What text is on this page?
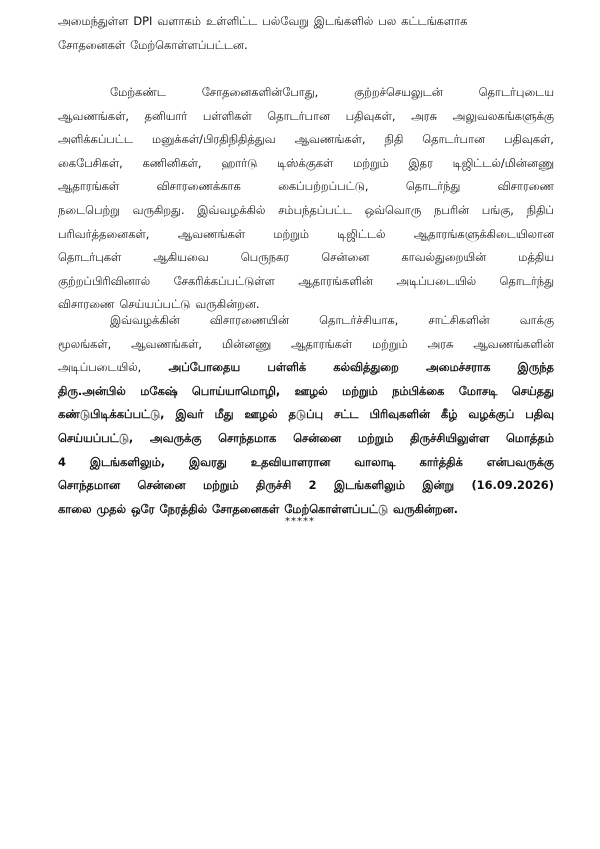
அமைந்துள்ள DPI வளாகம் உள்ளிட்ட பல்வேறு இடங்களில் பல கட்டங்களாக
சோதனைகள் மேற்கொள்ளப்பட்டன.
மேற்கண்ட	சோதனைகளின்போது,	குற்றச்செயலுடன்	தொடர்புடைய
ஆவணங்கள், தனியார் பள்ளிகள் தொடர்பான பதிவுகள், அரசு அலுவலகங்களுக்கு
அளிக்கப்பட்ட மனுக்கள்/பிரதிநிதித்துவ ஆவணங்கள், நிதி தொடர்பான பதிவுகள்,
கைபேசிகள், கணினிகள், ஹார்டு டிஸ்க்குகள் மற்றும் இதர டிஜிட்டல்/மின்னணு
ஆதாரங்கள்	விசாரணைக்காக	கைப்பற்றப்பட்டு,	தொடர்ந்து	விசாரணை
நடைபெற்று வருகிறது. இவ்வழக்கில் சம்பந்தப்பட்ட ஒவ்வொரு நபரின் பங்கு, நிதிப்
பரிவர்த்தனைகள், ஆவணங்கள் மற்றும் டிஜிட்டல் ஆதாரங்களுக்கிடையிலான
தொடர்புகள்	ஆகியவை	பெருநகர	சென்னை	காவல்துறையின்	மத்திய
குற்றப்பிரிவினால் சேகரிக்கப்பட்டுள்ள ஆதாரங்களின் அடிப்படையில் தொடர்ந்து
விசாரணை செய்யப்பட்டு வருகின்றன.
இவ்வழக்கின்	விசாரணையின்	தொடர்ச்சியாக,	சாட்சிகளின்	வாக்கு
மூலங்கள், ஆவணங்கள், மின்னணு ஆதாரங்கள் மற்றும் அரசு ஆவணங்களின்
அடிப்படையில், அப்போதைய பள்ளிக் கல்வித்துறை அமைச்சராக இருந்த
திரு.அன்பில் மகேஷ் பொய்யாமொழி, ஊழல் மற்றும் நம்பிக்கை மோசடி செய்தது
கண்டுபிடிக்கப்பட்டு, இவர் மீது ஊழல் தடுப்பு சட்ட பிரிவுகளின் கீழ் வழக்குப் பதிவு
செய்யப்பட்டு, அவருக்கு சொந்தமாக சென்னை மற்றும் திருச்சியிலுள்ள மொத்தம்
4 இடங்களிலும், இவரது உதவியாளரான வாலாடி கார்த்திக் என்பவருக்கு
சொந்தமான சென்னை மற்றும் திருச்சி 2 இடங்களிலும் இன்று (16.09.2026)
காலை முதல் ஒரே நேரத்தில் சோதனைகள் மேற்கொள்ளப்பட்டு வருகின்றன.
*****
